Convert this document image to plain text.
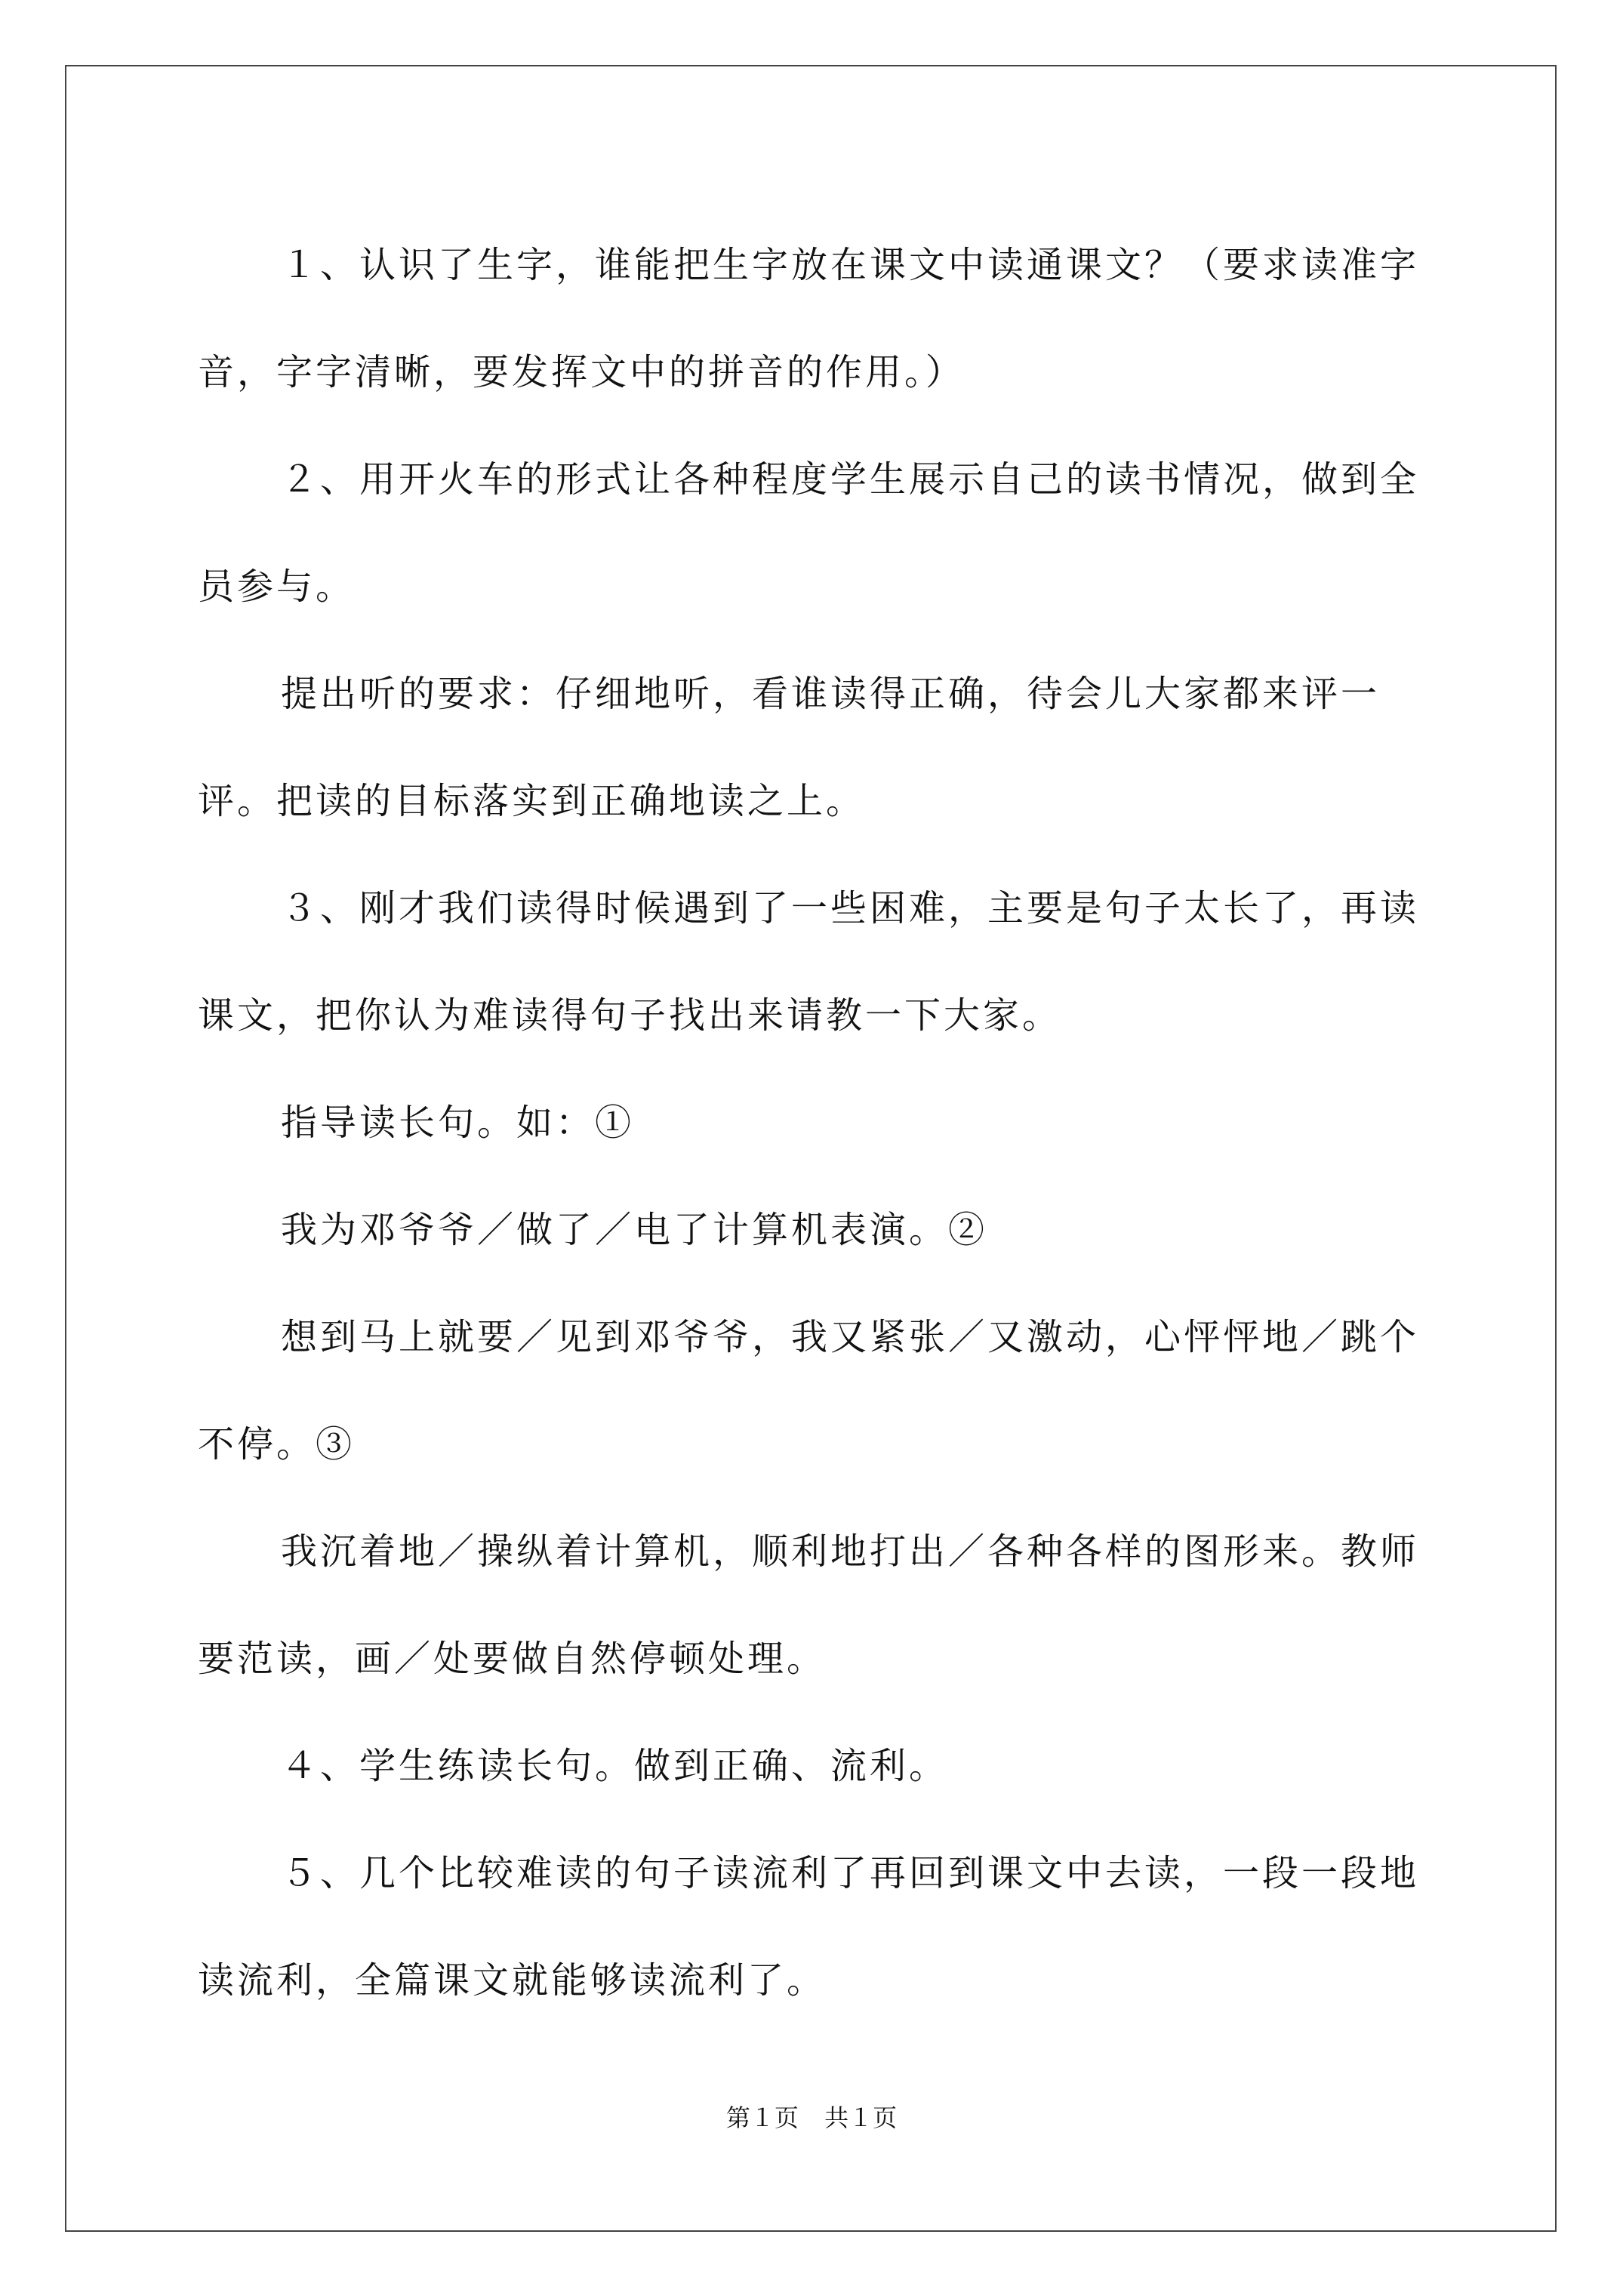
１、认识了生字，谁能把生字放在课文中读通课文？（要求读准字音，字字清晰，要发挥文中的拼音的作用。）

２、用开火车的形式让各种程度学生展示自己的读书情况，做到全员参与。

提出听的要求：仔细地听，看谁读得正确，待会儿大家都来评一评。把读的目标落实到正确地读之上。

３、刚才我们读得时候遇到了一些困难，主要是句子太长了，再读课文，把你认为难读得句子找出来请教一下大家。

指导读长句。如：①

我为邓爷爷／做了／电了计算机表演。②

想到马上就要／见到邓爷爷，我又紧张／又激动，心怦怦地／跳个不停。③

我沉着地／操纵着计算机，顺利地打出／各种各样的图形来。教师要范读，画／处要做自然停顿处理。

４、学生练读长句。做到正确、流利。

５、几个比较难读的句子读流利了再回到课文中去读，一段一段地读流利，全篇课文就能够读流利了。

第１页 共１页
